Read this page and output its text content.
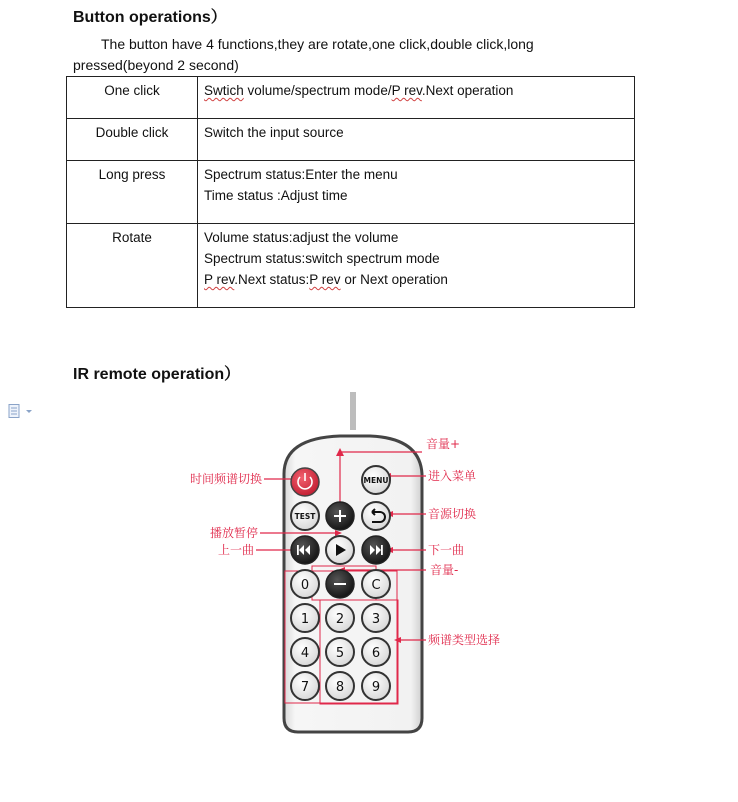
Button operations）
The button have 4 functions,they are rotate,one click,double click,long
pressed(beyond 2 second)
One click	Swtich volume/spectrum mode/P rev.Next operation
Double click	Switch the input source
Long press	Spectrum status:Enter the menu
Time status :Adjust time
Rotate	Volume status:adjust the volume
Spectrum status:switch spectrum mode
P rev.Next status:P rev or Next operation
IR remote operation）
MENU
TEST
0	C
1 2 3
4 5 6
7 8 9
音量+
进入菜单
音源切换
下一曲
音量-
频谱类型选择
时间频谱切换
播放暂停
上一曲
